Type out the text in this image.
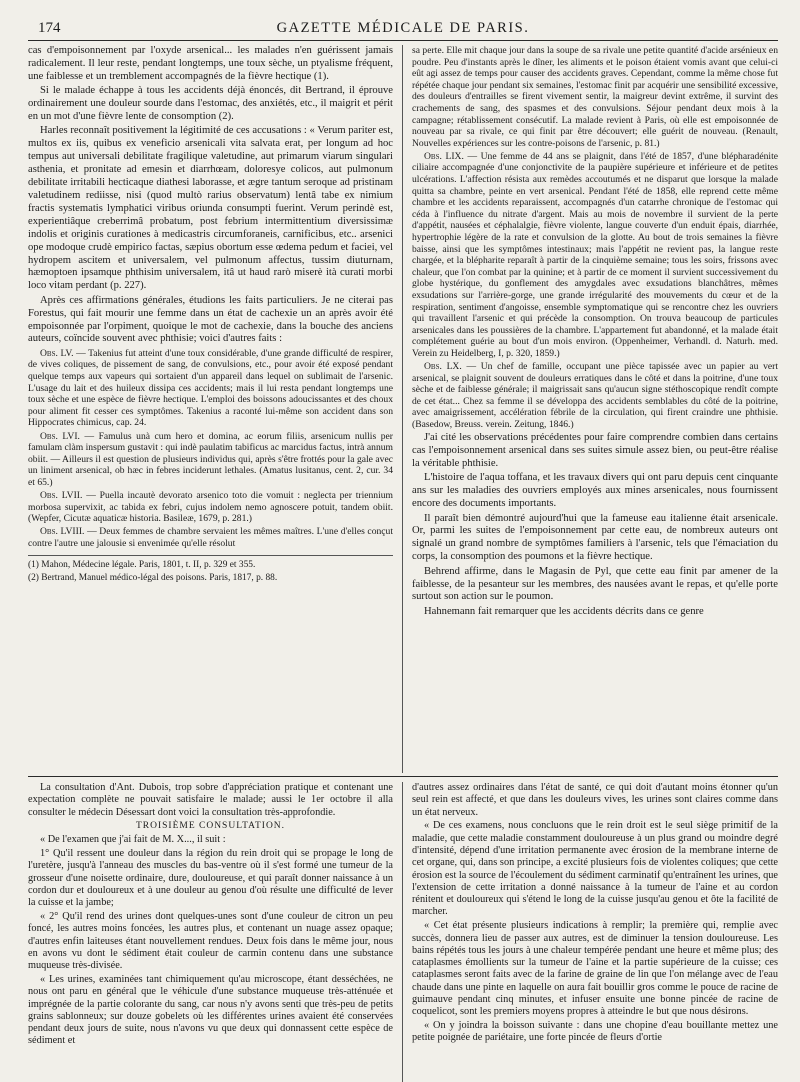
174	GAZETTE MÉDICALE DE PARIS.

cas d'empoisonnement par l'oxyde arsenical... les malades n'en guérissent jamais radicalement. Il leur reste, pendant longtemps, une toux sèche, un ptyalisme fréquent, une faiblesse et un tremblement accompagnés de la fièvre hectique (1).

Si le malade échappe à tous les accidents déjà énoncés, dit Bertrand, il éprouve ordinairement une douleur sourde dans l'estomac, des anxiétés, etc., il maigrit et périt en un mot d'une fièvre lente de consomption (2).

Harles reconnaît positivement la légitimité de ces accusations : « Verum pariter est, multos ex iis, quibus ex veneficio arsenicali vita salvata erat, per longum ad hoc tempus aut universali debilitate fragilique valetudine, aut primarum viarum singulari asthenia, et pronitate ad emesin et diarrhœam, doloresye colicos, aut pulmonum debilitate irritabili hecticaque diathesi laborasse, et ægre tantum seroque ad pristinam valetudinem rediisse, nisi (quod multò rarius observatum) lentâ tabe ex nimium fractis systematis lymphatici viribus oriunda consumpti fuerint. Verum perindè est, experientiâque creberrimâ probatum, post febrium intermittentium diversissimæ indolis et originis curationes à medicastris circumforaneis, carnificibus, etc.. arsenici ope modoque crudè empirico factas, sæpius obortum esse œdema pedum et faciei, vel hydropem ascitem et universalem, vel pulmonum affectus, tussim diuturnam, hæmoptoen ipsamque phthisim universalem, itâ ut haud rarò miserè ità curati morbi loco vitam perdant (p. 227).

Après ces affirmations générales, étudions les faits particuliers. Je ne citerai pas Forestus, qui fait mourir une femme dans un état de cachexie un an après avoir été empoisonnée par l'orpiment, quoique le mot de cachexie, dans la bouche des anciens auteurs, coïncide souvent avec phthisie; voici d'autres faits :

Obs. LV. — Takenius fut atteint d'une toux considérable, d'une grande difficulté de respirer, de vives coliques, de pissement de sang, de convulsions, etc., pour avoir été exposé pendant quelque temps aux vapeurs qui sortaient d'un appareil dans lequel on sublimait de l'arsenic. L'usage du lait et des huileux dissipa ces accidents; mais il lui resta pendant longtemps une toux sèche et une espèce de fièvre hectique. L'emploi des boissons adoucissantes et des choux pour aliment fit cesser ces symptômes. Takenius a raconté lui-même son accident dans son Hippocrates chimicus, cap. 24.

Obs. LVI. — Famulus unà cum hero et domina, ac eorum filiis, arsenicum nullis per famulam clàm inspersum gustavit : qui indè paulatim tabificus ac marcidus factus, intrà annum obiit. — Ailleurs il est question de plusieurs individus qui, après s'être frottés pour la gale avec un liniment arsenical, ob hæc in febres inciderunt lethales. (Amatus lusitanus, cent. 2, cur. 34 et 65.)

Obs. LVII. — Puella incautè devorato arsenico toto die vomuit : neglecta per triennium morbosa supervixit, ac tabida ex febri, cujus indolem nemo agnoscere potuit, tandem obiit. (Wepfer, Cicutæ aquaticæ historia. Basileæ, 1679, p. 281.)

Obs. LVIII. — Deux femmes de chambre servaient les mêmes maîtres. L'une d'elles conçut contre l'autre une jalousie si envenimée qu'elle résolut

(1) Mahon, Médecine légale. Paris, 1801, t. II, p. 329 et 355.

(2) Bertrand, Manuel médico-légal des poisons. Paris, 1817, p. 88.

sa perte. Elle mit chaque jour dans la soupe de sa rivale une petite quantité d'acide arsénieux en poudre. Peu d'instants après le dîner, les aliments et le poison étaient vomis avant que celui-ci eût agi assez de temps pour causer des accidents graves. Cependant, comme la même chose fut répétée chaque jour pendant six semaines, l'estomac finit par acquérir une sensibilité excessive, des douleurs d'entrailles se firent vivement sentir, la maigreur devint extrême, il survint des crachements de sang, des spasmes et des convulsions. Séjour pendant deux mois à la campagne; rétablissement consécutif. La malade revient à Paris, où elle est empoisonnée de nouveau par sa rivale, ce qui finit par être découvert; elle guérit de nouveau. (Renault, Nouvelles expériences sur les contre-poisons de l'arsenic, p. 81.)

Obs. LIX. — Une femme de 44 ans se plaignit, dans l'été de 1857, d'une blépharadénite ciliaire accompagnée d'une conjonctivite de la paupière supérieure et inférieure et de petites ulcérations. L'affection résista aux remèdes accoutumés et ne disparut que lorsque la malade quitta sa chambre, peinte en vert arsenical. Pendant l'été de 1858, elle reprend cette même chambre et les accidents reparaissent, accompagnés d'un catarrhe chronique de l'estomac qui céda à l'influence du nitrate d'argent. Mais au mois de novembre il survient de la perte d'appétit, nausées et céphalalgie, fièvre violente, langue couverte d'un enduit épais, diarrhée, hypertrophie légère de la rate et convulsion de la glotte. Au bout de trois semaines la fièvre baisse, ainsi que les symptômes intestinaux; mais l'appétit ne revient pas, la langue reste chargée, et la blépharite reparaît à partir de la cinquième semaine; tous les soirs, frissons avec chaleur, que l'on combat par la quinine; et à partir de ce moment il survient successivement du globe hystérique, du gonflement des amygdales avec exsudations blanchâtres, mêmes exsudations sur l'arrière-gorge, une grande irrégularité des mouvements du cœur et de la respiration, sentiment d'angoisse, ensemble symptomatique qui se rencontre chez les ouvriers qui travaillent l'arsenic et qui précède la consomption. On trouva beaucoup de particules arsenicales dans les poussières de la chambre. L'appartement fut abandonné, et la malade était complétement guérie au bout d'un mois environ. (Oppenheimer, Verhandl. d. Naturh. med. Verein zu Heidelberg, I, p. 320, 1859.)

Obs. LX. — Un chef de famille, occupant une pièce tapissée avec un papier au vert arsenical, se plaignit souvent de douleurs erratiques dans le côté et dans la poitrine, d'une toux sèche et de faiblesse générale; il maigrissait sans qu'aucun signe stéthoscopique rendît compte de cet état... Chez sa femme il se développa des accidents semblables du côté de la poitrine, avec amaigrissement, accélération fébrile de la circulation, qui firent craindre une phthisie. (Basedow, Breuss. verein. Zeitung, 1846.)

J'ai cité les observations précédentes pour faire comprendre combien dans certains cas l'empoisonnement arsenical dans ses suites simule assez bien, ou peut-être réalise la véritable phthisie.

L'histoire de l'aqua toffana, et les travaux divers qui ont paru depuis cent cinquante ans sur les maladies des ouvriers employés aux mines arsenicales, nous fournissent encore des documents importants.

Il paraît bien démontré aujourd'hui que la fameuse eau italienne était arsenicale. Or, parmi les suites de l'empoisonnement par cette eau, de nombreux auteurs ont signalé un grand nombre de symptômes familiers à l'arsenic, tels que l'émaciation du corps, la consomption des poumons et la fièvre hectique.

Behrend affirme, dans le Magasin de Pyl, que cette eau finit par amener de la faiblesse, de la pesanteur sur les membres, des nausées avant le repas, et qu'elle porte surtout son action sur le poumon.

Hahnemann fait remarquer que les accidents décrits dans ce genre

La consultation d'Ant. Dubois, trop sobre d'appréciation pratique et contenant une expectation complète ne pouvait satisfaire le malade; aussi le 1er octobre il alla consulter le médecin Désessart dont voici la consultation très-approfondie.

TROISIÈME CONSULTATION.

« De l'examen que j'ai fait de M. X..., il suit :

1° Qu'il ressent une douleur dans la région du rein droit qui se propage le long de l'uretère, jusqu'à l'anneau des muscles du bas-ventre où il s'est formé une tumeur de la grosseur d'une noisette ordinaire, dure, douloureuse, et qui paraît donner naissance à un cordon dur et douloureux et à une douleur au genou d'où résulte une difficulté de lever la cuisse et la jambe;

« 2° Qu'il rend des urines dont quelques-unes sont d'une couleur de citron un peu foncé, les autres moins foncées, les autres plus, et contenant un nuage assez opaque; d'autres enfin laiteuses étant nouvellement rendues. Deux fois dans le même jour, nous en avons vu dont le sédiment était couleur de carmin contenu dans une substance muqueuse très-divisée.

« Les urines, examinées tant chimiquement qu'au microscope, étant desséchées, ne nous ont paru en général que le véhicule d'une substance muqueuse très-atténuée et imprégnée de la partie colorante du sang, car nous n'y avons senti que très-peu de petits grains sablonneux; sur douze gobelets où les différentes urines avaient été conservées pendant deux jours de suite, nous n'avons vu que deux qui donnassent cette espèce de sédiment et

d'autres assez ordinaires dans l'état de santé, ce qui doit d'autant moins étonner qu'un seul rein est affecté, et que dans les douleurs vives, les urines sont claires comme dans un état nerveux.

« De ces examens, nous concluons que le rein droit est le seul siège primitif de la maladie, que cette maladie constamment douloureuse à un plus grand ou moindre degré d'intensité, dépend d'une irritation permanente avec érosion de la membrane interne de cet organe, qui, dans son principe, a excité plusieurs fois de violentes coliques; que cette érosion est la source de l'écoulement du sédiment carminatif qu'entraînent les urines, que l'extension de cette irritation a donné naissance à la tumeur de l'aine et au cordon rénitent et douloureux qui s'étend le long de la cuisse jusqu'au genou et ôte la facilité de marcher.

« Cet état présente plusieurs indications à remplir; la première qui, remplie avec succès, donnera lieu de passer aux autres, est de diminuer la tension douloureuse. Les bains répétés tous les jours à une chaleur tempérée pendant une heure et même plus; des cataplasmes émollients sur la tumeur de l'aine et la partie supérieure de la cuisse; ces cataplasmes seront faits avec de la farine de graine de lin que l'on mélange avec de l'eau chaude dans une pinte en laquelle on aura fait bouillir gros comme le pouce de racine de guimauve pendant cinq minutes, et infuser ensuite une bonne pincée de racine de coquelicot, sont les premiers moyens propres à atteindre le but que nous désirons.

« On y joindra la boisson suivante : dans une chopine d'eau bouillante mettez une petite poignée de pariétaire, une forte pincée de fleurs d'ortie
